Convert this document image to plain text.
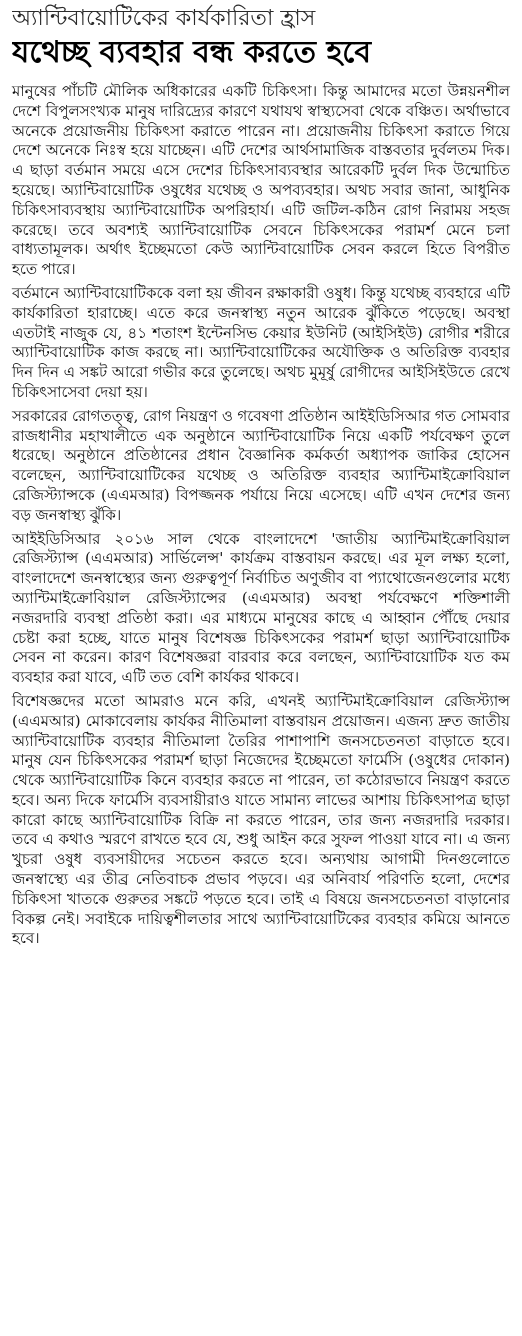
অ্যান্টিবায়োটিকের কার্যকারিতা হ্রাস
যথেচ্ছ ব্যবহার বন্ধ করতে হবে

মানুষের পাঁচটি মৌলিক অধিকারের একটি চিকিৎসা। কিন্তু আমাদের মতো উন্নয়নশীল দেশে বিপুলসংখ্যক মানুষ দারিদ্র্যের কারণে যথাযথ স্বাস্থ্যসেবা থেকে বঞ্চিত। অর্থাভাবে অনেকে প্রয়োজনীয় চিকিৎসা করাতে পারেন না। প্রয়োজনীয় চিকিৎসা করাতে গিয়ে দেশে অনেকে নিঃস্ব হয়ে যাচ্ছেন। এটি দেশের আর্থসামাজিক বাস্তবতার দুর্বলতম দিক। এ ছাড়া বর্তমান সময়ে এসে দেশের চিকিৎসাব্যবস্থার আরেকটি দুর্বল দিক উন্মোচিত হয়েছে। অ্যান্টিবায়োটিক ওষুধের যথেচ্ছ ও অপব্যবহার। অথচ সবার জানা, আধুনিক চিকিৎসাব্যবস্থায় অ্যান্টিবায়োটিক অপরিহার্য। এটি জটিল-কঠিন রোগ নিরাময় সহজ করেছে। তবে অবশ্যই অ্যান্টিবায়োটিক সেবনে চিকিৎসকের পরামর্শ মেনে চলা বাধ্যতামূলক। অর্থাৎ ইচ্ছেমতো কেউ অ্যান্টিবায়োটিক সেবন করলে হিতে বিপরীত হতে পারে।

বর্তমানে অ্যান্টিবায়োটিককে বলা হয় জীবন রক্ষাকারী ওষুধ। কিন্তু যথেচ্ছ ব্যবহারে এটি কার্যকারিতা হারাচ্ছে। এতে করে জনস্বাস্থ্য নতুন আরেক ঝুঁকিতে পড়েছে। অবস্থা এতটাই নাজুক যে, ৪১ শতাংশ ইন্টেনসিভ কেয়ার ইউনিট (আইসিইউ) রোগীর শরীরে অ্যান্টিবায়োটিক কাজ করছে না। অ্যান্টিবায়োটিকের অযৌক্তিক ও অতিরিক্ত ব্যবহার দিন দিন এ সঙ্কট আরো গভীর করে তুলেছে। অথচ মুমূর্ষু রোগীদের আইসিইউতে রেখে চিকিৎসাসেবা দেয়া হয়।

সরকারের রোগতত্ত্ব, রোগ নিয়ন্ত্রণ ও গবেষণা প্রতিষ্ঠান আইইডিসিআর গত সোমবার রাজধানীর মহাখালীতে এক অনুষ্ঠানে অ্যান্টিবায়োটিক নিয়ে একটি পর্যবেক্ষণ তুলে ধরেছে। অনুষ্ঠানে প্রতিষ্ঠানের প্রধান বৈজ্ঞানিক কর্মকর্তা অধ্যাপক জাকির হোসেন বলেছেন, অ্যান্টিবায়োটিকের যথেচ্ছ ও অতিরিক্ত ব্যবহার অ্যান্টিমাইক্রোবিয়াল রেজিস্ট্যান্সকে (এএমআর) বিপজ্জনক পর্যায়ে নিয়ে এসেছে। এটি এখন দেশের জন্য বড় জনস্বাস্থ্য ঝুঁকি।

আইইডিসিআর ২০১৬ সাল থেকে বাংলাদেশে 'জাতীয় অ্যান্টিমাইক্রোবিয়াল রেজিস্ট্যান্স (এএমআর) সার্ভিলেন্স' কার্যক্রম বাস্তবায়ন করছে। এর মূল লক্ষ্য হলো, বাংলাদেশে জনস্বাস্থ্যের জন্য গুরুত্বপূর্ণ নির্বাচিত অণুজীব বা প্যাথোজেনগুলোর মধ্যে অ্যান্টিমাইক্রোবিয়াল রেজিস্ট্যান্সের (এএমআর) অবস্থা পর্যবেক্ষণে শক্তিশালী নজরদারি ব্যবস্থা প্রতিষ্ঠা করা। এর মাধ্যমে মানুষের কাছে এ আহ্বান পৌঁছে দেয়ার চেষ্টা করা হচ্ছে, যাতে মানুষ বিশেষজ্ঞ চিকিৎসকের পরামর্শ ছাড়া অ্যান্টিবায়োটিক সেবন না করেন। কারণ বিশেষজ্ঞরা বারবার করে বলছেন, অ্যান্টিবায়োটিক যত কম ব্যবহার করা যাবে, এটি তত বেশি কার্যকর থাকবে।

বিশেষজ্ঞদের মতো আমরাও মনে করি, এখনই অ্যান্টিমাইক্রোবিয়াল রেজিস্ট্যান্স (এএমআর) মোকাবেলায় কার্যকর নীতিমালা বাস্তবায়ন প্রয়োজন। এজন্য দ্রুত জাতীয় অ্যান্টিবায়োটিক ব্যবহার নীতিমালা তৈরির পাশাপাশি জনসচেতনতা বাড়াতে হবে। মানুষ যেন চিকিৎসকের পরামর্শ ছাড়া নিজেদের ইচ্ছেমতো ফার্মেসি (ওষুধের দোকান) থেকে অ্যান্টিবায়োটিক কিনে ব্যবহার করতে না পারেন, তা কঠোরভাবে নিয়ন্ত্রণ করতে হবে। অন্য দিকে ফার্মেসি ব্যবসায়ীরাও যাতে সামান্য লাভের আশায় চিকিৎসাপত্র ছাড়া কারো কাছে অ্যান্টিবায়োটিক বিক্রি না করতে পারেন, তার জন্য নজরদারি দরকার। তবে এ কথাও স্মরণে রাখতে হবে যে, শুধু আইন করে সুফল পাওয়া যাবে না। এ জন্য খুচরা ওষুধ ব্যবসায়ীদের সচেতন করতে হবে। অন্যথায় আগামী দিনগুলোতে জনস্বাস্থ্যে এর তীব্র নেতিবাচক প্রভাব পড়বে। এর অনিবার্য পরিণতি হলো, দেশের চিকিৎসা খাতকে গুরুতর সঙ্কটে পড়তে হবে। তাই এ বিষয়ে জনসচেতনতা বাড়ানোর বিকল্প নেই। সবাইকে দায়িত্বশীলতার সাথে অ্যান্টিবায়োটিকের ব্যবহার কমিয়ে আনতে হবে।
